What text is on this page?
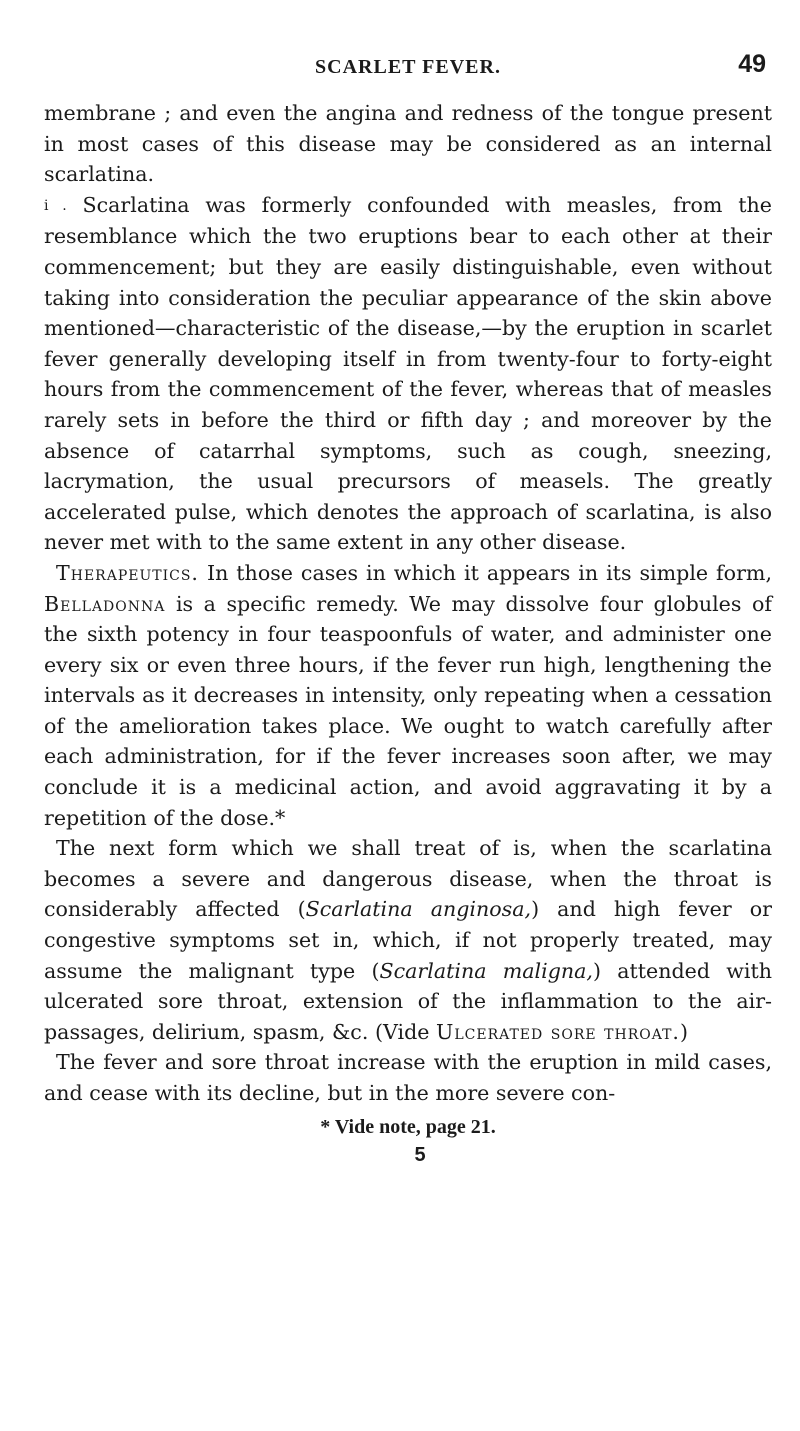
SCARLET FEVER.	49

membrane ; and even the angina and redness of the tongue present in most cases of this disease may be considered as an internal scarlatina.

i . Scarlatina was formerly confounded with measles, from the resemblance which the two eruptions bear to each other at their commencement; but they are easily distinguishable, even without taking into consideration the peculiar appearance of the skin above mentioned—characteristic of the disease,—by the eruption in scarlet fever generally developing itself in from twenty-four to forty-eight hours from the commencement of the fever, whereas that of measles rarely sets in before the third or fifth day ; and moreover by the absence of catarrhal symptoms, such as cough, sneezing, lacrymation, the usual precursors of measels. The greatly accelerated pulse, which denotes the approach of scarlatina, is also never met with to the same extent in any other disease.

Therapeutics. In those cases in which it appears in its simple form, Belladonna is a specific remedy. We may dissolve four globules of the sixth potency in four teaspoonfuls of water, and administer one every six or even three hours, if the fever run high, lengthening the intervals as it decreases in intensity, only repeating when a cessation of the amelioration takes place. We ought to watch carefully after each administration, for if the fever increases soon after, we may conclude it is a medicinal action, and avoid aggravating it by a repetition of the dose.*

The next form which we shall treat of is, when the scarlatina becomes a severe and dangerous disease, when the throat is considerably affected (Scarlatina anginosa,) and high fever or congestive symptoms set in, which, if not properly treated, may assume the malignant type (Scarlatina maligna,) attended with ulcerated sore throat, extension of the inflammation to the air-passages, delirium, spasm, &c. (Vide Ulcerated sore throat.)

The fever and sore throat increase with the eruption in mild cases, and cease with its decline, but in the more severe con-

* Vide note, page 21.
5
